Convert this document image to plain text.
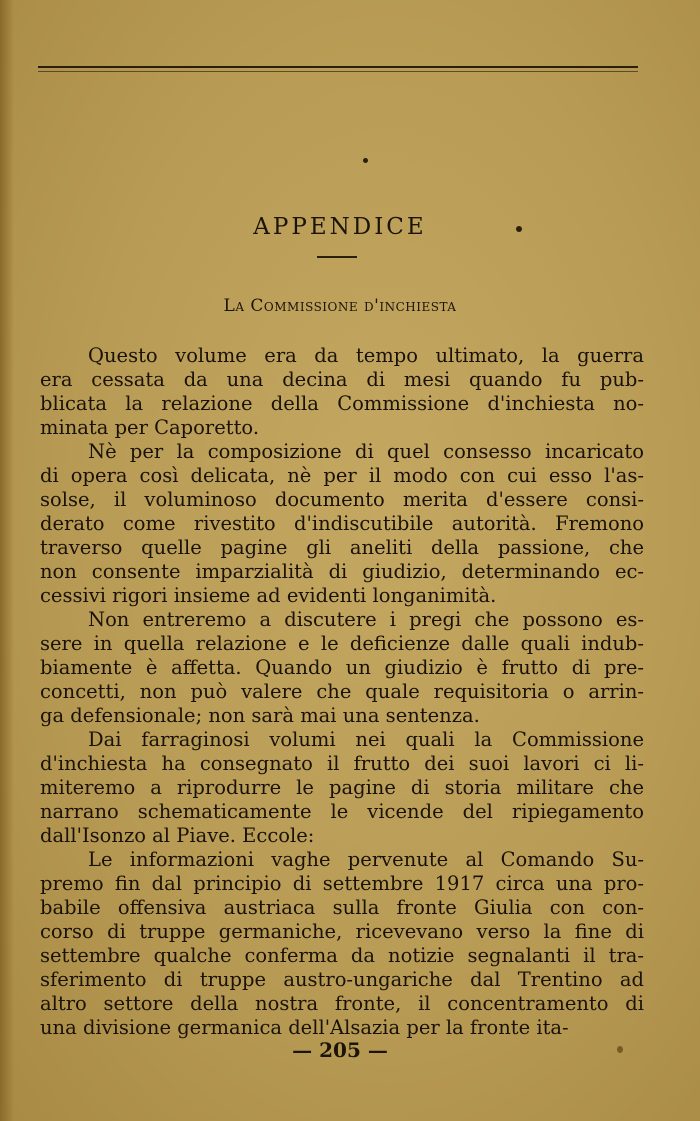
APPENDICE
La Commissione d'inchiesta
Questo volume era da tempo ultimato, la guerra
era cessata da una decina di mesi quando fu pub-
blicata la relazione della Commissione d'inchiesta no-
minata per Caporetto.
Nè per la composizione di quel consesso incaricato
di opera così delicata, nè per il modo con cui esso l'as-
solse, il voluminoso documento merita d'essere consi-
derato come rivestito d'indiscutibile autorità. Fremono
traverso quelle pagine gli aneliti della passione, che
non consente imparzialità di giudizio, determinando ec-
cessivi rigori insieme ad evidenti longanimità.
Non entreremo a discutere i pregi che possono es-
sere in quella relazione e le deficienze dalle quali indub-
biamente è affetta. Quando un giudizio è frutto di pre-
concetti, non può valere che quale requisitoria o arrin-
ga defensionale; non sarà mai una sentenza.
Dai farraginosi volumi nei quali la Commissione
d'inchiesta ha consegnato il frutto dei suoi lavori ci li-
miteremo a riprodurre le pagine di storia militare che
narrano schematicamente le vicende del ripiegamento
dall'Isonzo al Piave. Eccole:
Le informazioni vaghe pervenute al Comando Su-
premo fin dal principio di settembre 1917 circa una pro-
babile offensiva austriaca sulla fronte Giulia con con-
corso di truppe germaniche, ricevevano verso la fine di
settembre qualche conferma da notizie segnalanti il tra-
sferimento di truppe austro-ungariche dal Trentino ad
altro settore della nostra fronte, il concentramento di
una divisione germanica dell'Alsazia per la fronte ita-
— 205 —
